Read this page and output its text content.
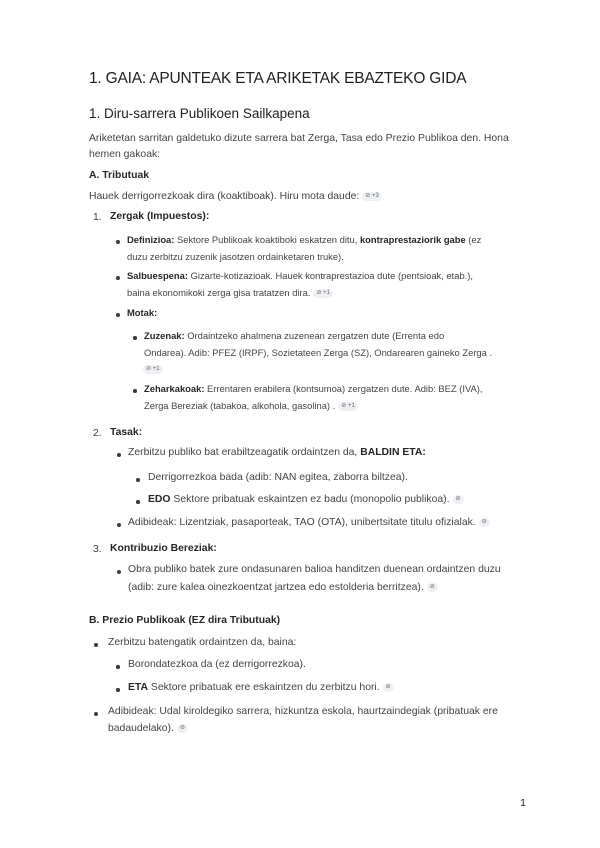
1. GAIA: APUNTEAK ETA ARIKETAK EBAZTEKO GIDA
1. Diru-sarrera Publikoen Sailkapena
Ariketetan sarritan galdetuko dizute sarrera bat Zerga, Tasa edo Prezio Publikoa den. Hona
hemen gakoak:
A. Tributuak
Hauek derrigorrezkoak dira (koaktiboak). Hiru mota daude: ⊘ +3
1. Zergak (Impuestos):
Definizioa: Sektore Publikoak koaktiboki eskatzen ditu, kontraprestaziorik gabe (ez
duzu zerbitzu zuzenik jasotzen ordainketaren truke).
Salbuespena: Gizarte-kotizazioak. Hauek kontraprestazioa dute (pentsioak, etab.),
baina ekonomikoki zerga gisa tratatzen dira. ⊘ +1
Motak:
Zuzenak: Ordaintzeko ahalmena zuzenean zergatzen dute (Errenta edo
Ondarea). Adib: PFEZ (IRPF), Sozietateen Zerga (SZ), Ondarearen gaineko Zerga .
⊘ +1
Zeharkakoak: Errentaren erabilera (kontsumoa) zergatzen dute. Adib: BEZ (IVA),
Zerga Bereziak (tabakoa, alkohola, gasolina) . ⊘ +1
2. Tasak:
Zerbitzu publiko bat erabiltzeagatik ordaintzen da, BALDIN ETA:
Derrigorrezkoa bada (adib: NAN egitea, zaborra biltzea).
EDO Sektore pribatuak eskaintzen ez badu (monopolio publikoa). ⊘
Adibideak: Lizentziak, pasaporteak, TAO (OTA), unibertsitate titulu ofizialak. ⊘
3. Kontribuzio Bereziak:
Obra publiko batek zure ondasunaren balioa handitzen duenean ordaintzen duzu
(adib: zure kalea oinezkoentzat jartzea edo estolderia berritzea). ⊘
B. Prezio Publikoak (EZ dira Tributuak)
Zerbitzu batengatik ordaintzen da, baina:
Borondatezkoa da (ez derrigorrezkoa).
ETA Sektore pribatuak ere eskaintzen du zerbitzu hori. ⊘
Adibideak: Udal kiroldegiko sarrera, hizkuntza eskola, haurtzaindegiak (pribatuak ere
badaudelako). ⊘
1
